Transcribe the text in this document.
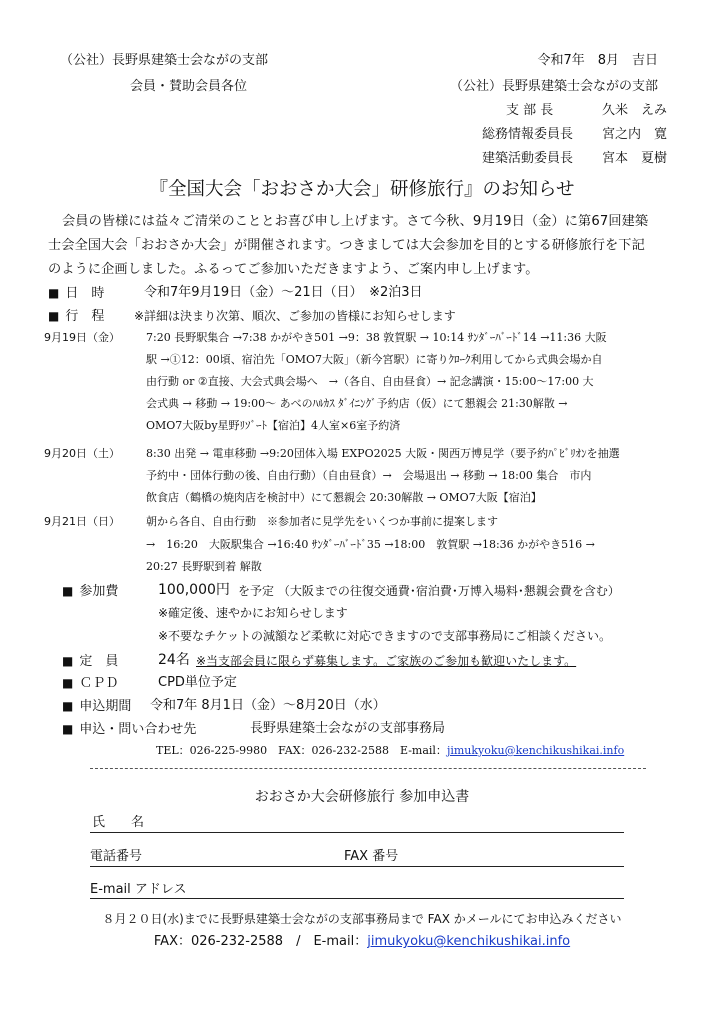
（公社）長野県建築士会ながの支部
会員・賛助会員各位
令和7年　8月　吉日
（公社）長野県建築士会ながの支部
支 部 長	久米　えみ
総務情報委員長 宮之内　寛
建築活動委員長 宮本　夏樹
『全国大会「おおさか大会」研修旅行』のお知らせ
会員の皆様には益々ご清栄のこととお喜び申し上げます。さて今秋、9月19日（金）に第67回建築
士会全国大会「おおさか大会」が開催されます。つきましては大会参加を目的とする研修旅行を下記
のように企画しました。ふるってご参加いただきますよう、ご案内申し上げます。
■ 日　時	令和7年9月19日（金）～21日（日）　※2泊3日
■ 行　程 ※詳細は決まり次第、順次、ご参加の皆様にお知らせします
9月19日（金） 7:20 長野駅集合 →7:38 かがやき501 →9：38 敦賀駅 → 10:14 ｻﾝﾀﾞｰﾊﾞｰﾄﾞ14 →11:36 大阪
駅 →①12：00頃、宿泊先「OMO7大阪」（新今宮駅）に寄りｸﾛｰｸ利用してから式典会場か自
由行動 or ②直接、大会式典会場へ　→（各自、自由昼食）→ 記念講演・15:00～17:00 大
会式典 → 移動 → 19:00～ あべのﾊﾙｶｽ ﾀﾞｲﾆﾝｸﾞ予約店（仮）にて懇親会 21:30解散 →
OMO7大阪by星野ﾘｿﾞｰﾄ【宿泊】4人室×6室予約済
9月20日（土） 8:30 出発 → 電車移動 →9:20団体入場 EXPO2025 大阪・関西万博見学（要予約ﾊﾟﾋﾞﾘｵﾝを抽選
予約中・団体行動の後、自由行動）（自由昼食）→　会場退出 → 移動 → 18:00 集合　市内
飲食店（鶴橋の焼肉店を検討中）にて懇親会 20:30解散 → OMO7大阪【宿泊】
9月21日（日） 朝から各自、自由行動　※参加者に見学先をいくつか事前に提案します
→　16:20　大阪駅集合 →16:40 ｻﾝﾀﾞｰﾊﾞｰﾄﾞ35 →18:00　敦賀駅 →18:36 かがやき516 →
20:27 長野駅到着 解散
■ 参加費	100,000円 を予定 （大阪までの往復交通費･宿泊費･万博入場料･懇親会費を含む）
※確定後、速やかにお知らせします
※不要なチケットの減額など柔軟に対応できますので支部事務局にご相談ください。
■ 定　員	24名 ※当支部会員に限らず募集します。ご家族のご参加も歓迎いたします。
■ ＣＰＤ	CPD単位予定
■ 申込期間 令和7年 8月1日（金）～8月20日（水）
■ 申込・問い合わせ先	長野県建築士会ながの支部事務局
TEL：026-225-9980　FAX：026-232-2588　E-mail：jimukyoku@kenchikushikai.info
おおさか大会研修旅行 参加申込書
氏　　名
電話番号	FAX 番号
E-mail アドレス
８月２０日(水)までに長野県建築士会ながの支部事務局まで FAX かメールにてお申込みください
FAX：026-232-2588　/　E-mail：jimukyoku@kenchikushikai.info
